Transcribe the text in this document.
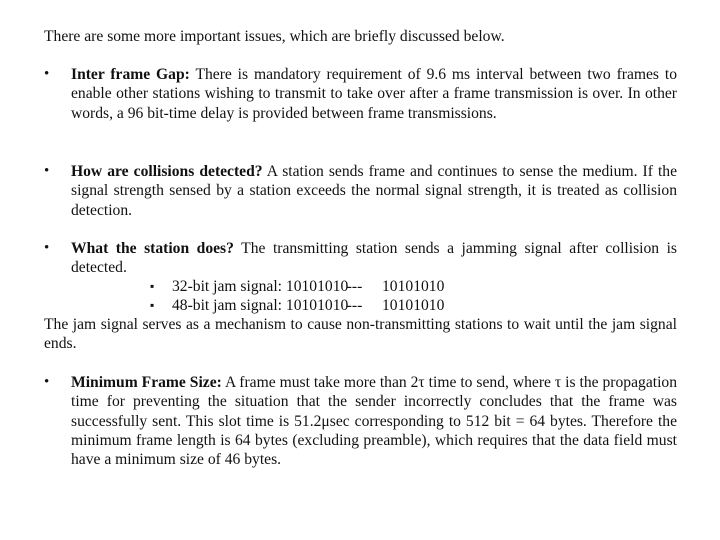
There are some more important issues, which are briefly discussed below.
•	Inter frame Gap: There is mandatory requirement of 9.6 ms interval between two frames to enable other stations wishing to transmit to take over after a frame transmission is over. In other words, a 96 bit-time delay is provided between frame transmissions.
•	How are collisions detected? A station sends frame and continues to sense the medium. If the signal strength sensed by a station exceeds the normal signal strength, it is treated as collision detection.
•	What the station does? The transmitting station sends a jamming signal after collision is detected.
▪ 32-bit jam signal: 10101010--- 10101010
▪ 48-bit jam signal: 10101010--- 10101010
The jam signal serves as a mechanism to cause non-transmitting stations to wait until the jam signal ends.
•	Minimum Frame Size: A frame must take more than 2τ time to send, where τ is the propagation time for preventing the situation that the sender incorrectly concludes that the frame was successfully sent. This slot time is 51.2μsec corresponding to 512 bit = 64 bytes. Therefore the minimum frame length is 64 bytes (excluding preamble), which requires that the data field must have a minimum size of 46 bytes.
